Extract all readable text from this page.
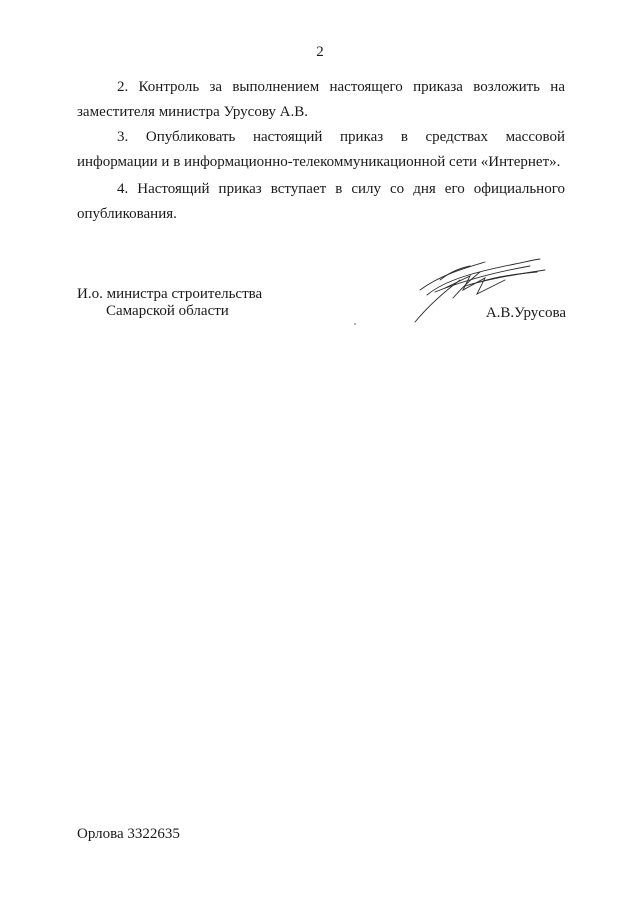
2
2. Контроль за выполнением настоящего приказа возложить на
заместителя министра Урусову А.В.
3. Опубликовать настоящий приказ в средствах массовой
информации и в информационно-телекоммуникационной сети «Интернет».
4. Настоящий приказ вступает в силу со дня его официального
опубликования.
И.о. министра строительства
Самарской области	А.В.Урусова
Орлова 3322635
